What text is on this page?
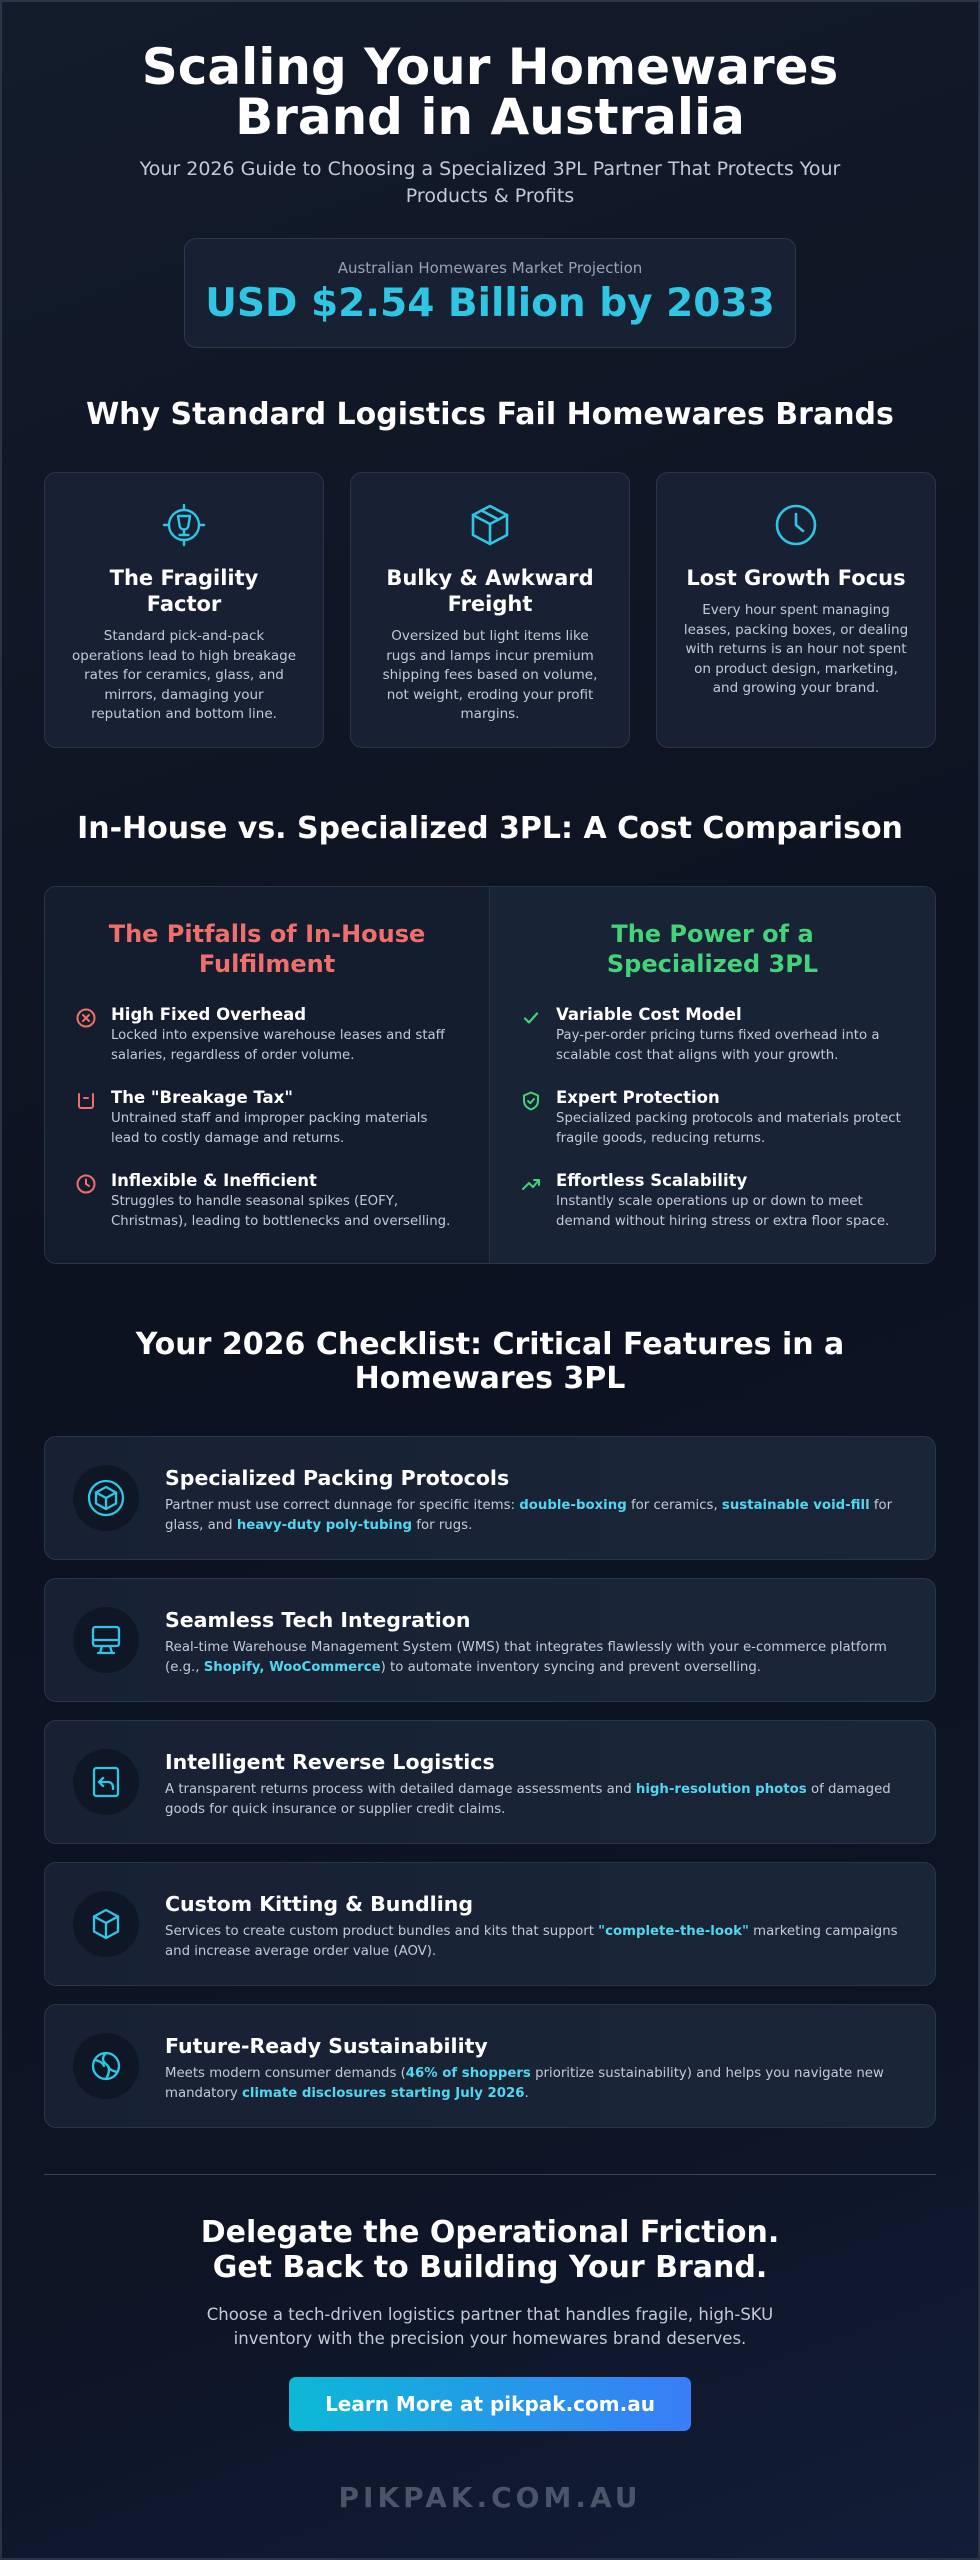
Scaling Your Homewares Brand in Australia

Your 2026 Guide to Choosing a Specialized 3PL Partner That Protects Your Products & Profits

Australian Homewares Market Projection
USD $2.54 Billion by 2033
Why Standard Logistics Fail Homewares Brands
The Fragility Factor

Standard pick-and-pack operations lead to high breakage rates for ceramics, glass, and mirrors, damaging your reputation and bottom line.

Bulky & Awkward Freight

Oversized but light items like rugs and lamps incur premium shipping fees based on volume, not weight, eroding your profit margins.

Lost Growth Focus

Every hour spent managing leases, packing boxes, or dealing with returns is an hour not spent on product design, marketing, and growing your brand.

In-House vs. Specialized 3PL: A Cost Comparison
The Pitfalls of In-House Fulfilment
High Fixed Overhead

Locked into expensive warehouse leases and staff salaries, regardless of order volume.

The "Breakage Tax"

Untrained staff and improper packing materials lead to costly damage and returns.

Inflexible & Inefficient

Struggles to handle seasonal spikes (EOFY, Christmas), leading to bottlenecks and overselling.

The Power of a Specialized 3PL
Variable Cost Model

Pay-per-order pricing turns fixed overhead into a scalable cost that aligns with your growth.

Expert Protection

Specialized packing protocols and materials protect fragile goods, reducing returns.

Effortless Scalability

Instantly scale operations up or down to meet demand without hiring stress or extra floor space.

Your 2026 Checklist: Critical Features in a Homewares 3PL
Specialized Packing Protocols

Partner must use correct dunnage for specific items: double-boxing for ceramics, sustainable void-fill for glass, and heavy-duty poly-tubing for rugs.

Seamless Tech Integration

Real-time Warehouse Management System (WMS) that integrates flawlessly with your e-commerce platform (e.g., Shopify, WooCommerce) to automate inventory syncing and prevent overselling.

Intelligent Reverse Logistics

A transparent returns process with detailed damage assessments and high-resolution photos of damaged goods for quick insurance or supplier credit claims.

Custom Kitting & Bundling

Services to create custom product bundles and kits that support "complete-the-look" marketing campaigns and increase average order value (AOV).

Future-Ready Sustainability

Meets modern consumer demands (46% of shoppers prioritize sustainability) and helps you navigate new mandatory climate disclosures starting July 2026.

Delegate the Operational Friction.
Get Back to Building Your Brand.

Choose a tech-driven logistics partner that handles fragile, high-SKU inventory with the precision your homewares brand deserves.

Learn More at pikpak.com.au
PIKPAK.COM.AU
